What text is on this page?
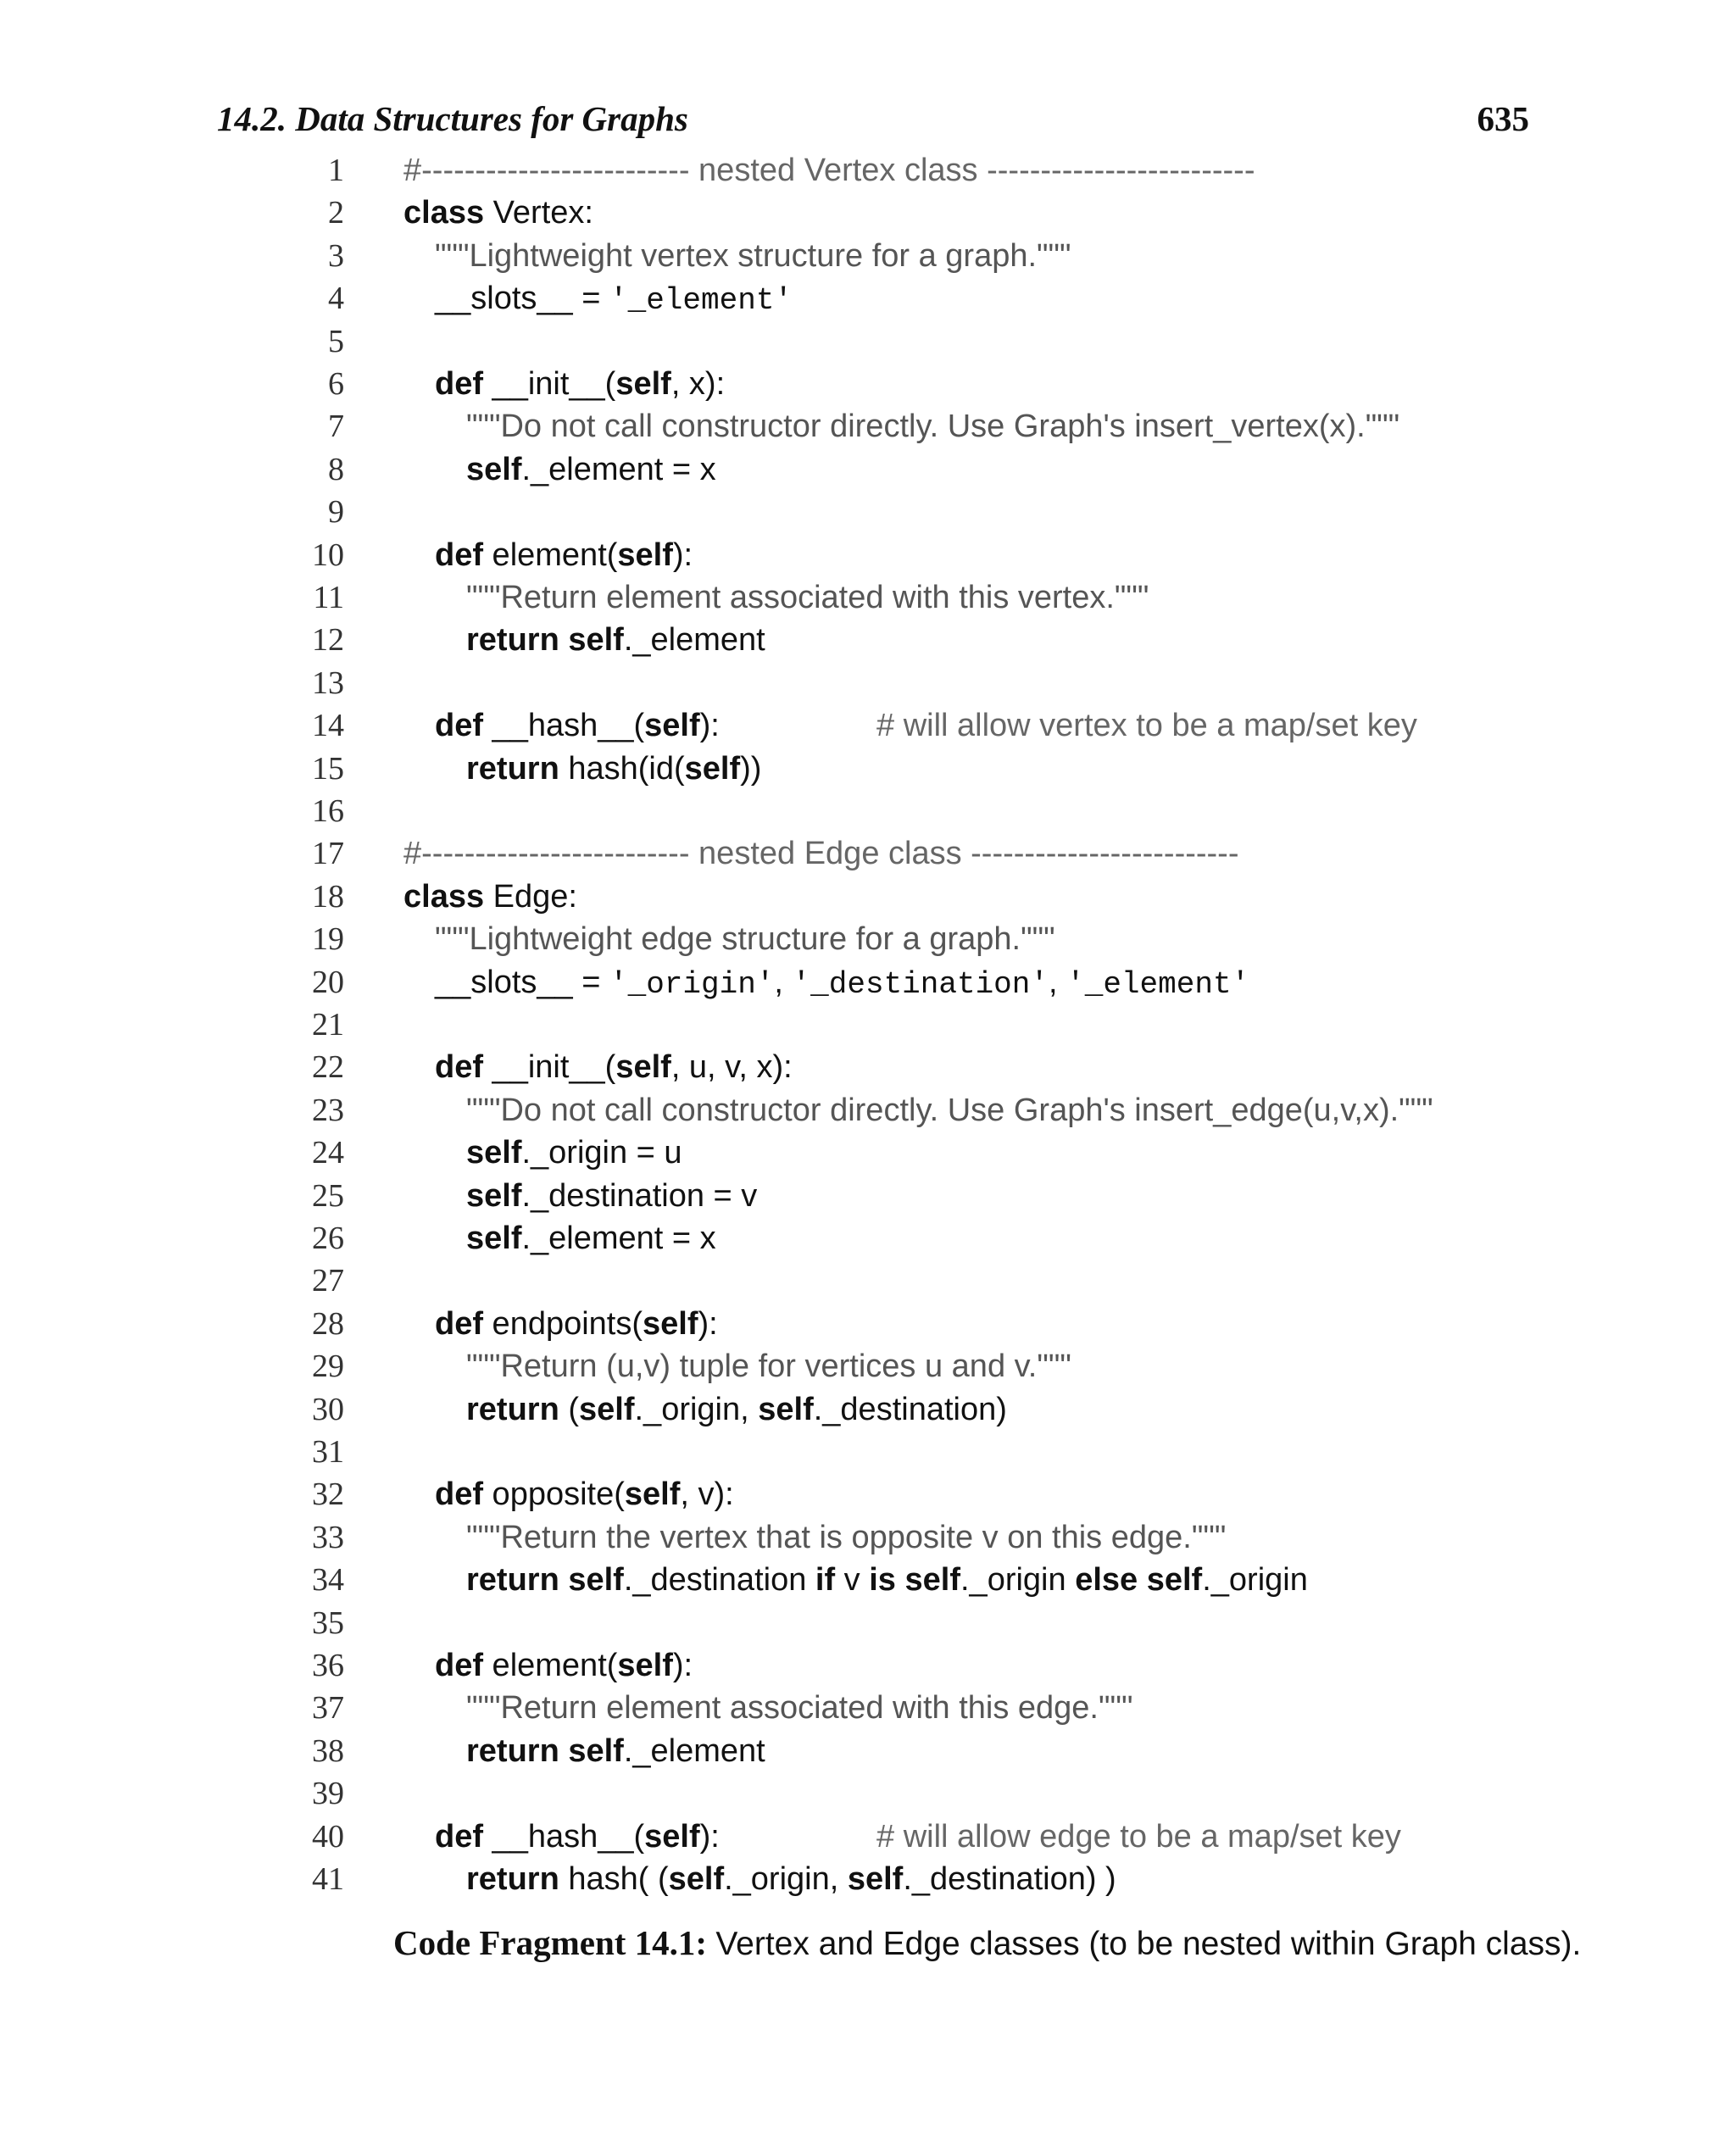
14.2. Data Structures for Graphs	635
1 #------------------------- nested Vertex class -------------------------
2 class Vertex:
3	"""Lightweight vertex structure for a graph."""
4	__slots__ = '_element'
5
6	def __init__(self, x):
7	"""Do not call constructor directly. Use Graph's insert_vertex(x)."""
8	self._element = x
9
10	def element(self):
11	"""Return element associated with this vertex."""
12	return self._element
13
14	def __hash__(self):	# will allow vertex to be a map/set key
15	return hash(id(self))
16
17 #------------------------- nested Edge class -------------------------
18 class Edge:
19	"""Lightweight edge structure for a graph."""
20	__slots__ = '_origin', '_destination', '_element'
21
22	def __init__(self, u, v, x):
23	"""Do not call constructor directly. Use Graph's insert_edge(u,v,x)."""
24	self._origin = u
25	self._destination = v
26	self._element = x
27
28	def endpoints(self):
29	"""Return (u,v) tuple for vertices u and v."""
30	return (self._origin, self._destination)
31
32	def opposite(self, v):
33	"""Return the vertex that is opposite v on this edge."""
34	return self._destination if v is self._origin else self._origin
35
36	def element(self):
37	"""Return element associated with this edge."""
38	return self._element
39
40	def __hash__(self):	# will allow edge to be a map/set key
41	return hash( (self._origin, self._destination) )
Code Fragment 14.1: Vertex and Edge classes (to be nested within Graph class).
